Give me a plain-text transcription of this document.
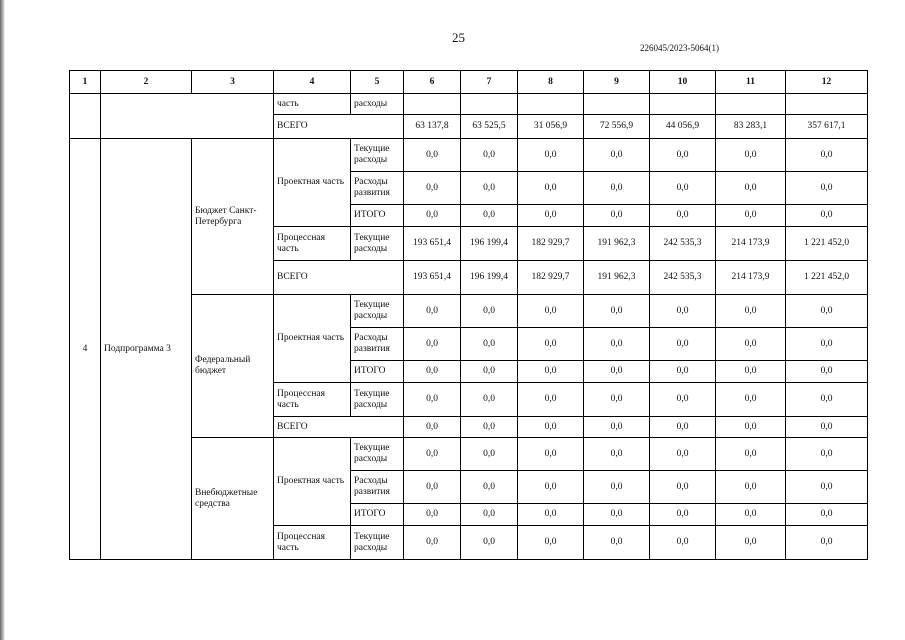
25
226045/2023-5064(1)
1	2	3	4	5	6	7	8	9	10	11	12
			часть	расходы							
			ВСЕГО		63 137,8	63 525,5	31 056,9	72 556,9	44 056,9	83 283,1	357 617,1
4	Подпрограмма 3	Бюджет Санкт-Петербурга	Проектная часть	Текущие расходы	0,0	0,0	0,0	0,0	0,0	0,0	0,0
				Расходы развития	0,0	0,0	0,0	0,0	0,0	0,0	0,0
				ИТОГО	0,0	0,0	0,0	0,0	0,0	0,0	0,0
			Процессная часть	Текущие расходы	193 651,4	196 199,4	182 929,7	191 962,3	242 535,3	214 173,9	1 221 452,0
			ВСЕГО		193 651,4	196 199,4	182 929,7	191 962,3	242 535,3	214 173,9	1 221 452,0
		Федеральный бюджет	Проектная часть	Текущие расходы	0,0	0,0	0,0	0,0	0,0	0,0	0,0
				Расходы развития	0,0	0,0	0,0	0,0	0,0	0,0	0,0
				ИТОГО	0,0	0,0	0,0	0,0	0,0	0,0	0,0
			Процессная часть	Текущие расходы	0,0	0,0	0,0	0,0	0,0	0,0	0,0
			ВСЕГО		0,0	0,0	0,0	0,0	0,0	0,0	0,0

		Внебюджетные средства	Проектная часть	Текущие расходы	0,0	0,0	0,0	0,0	0,0	0,0	0,0
				Расходы развития	0,0	0,0	0,0	0,0	0,0	0,0	0,0
				ИТОГО	0,0	0,0	0,0	0,0	0,0	0,0	0,0
			Процессная часть	Текущие расходы	0,0	0,0	0,0	0,0	0,0	0,0	0,0
